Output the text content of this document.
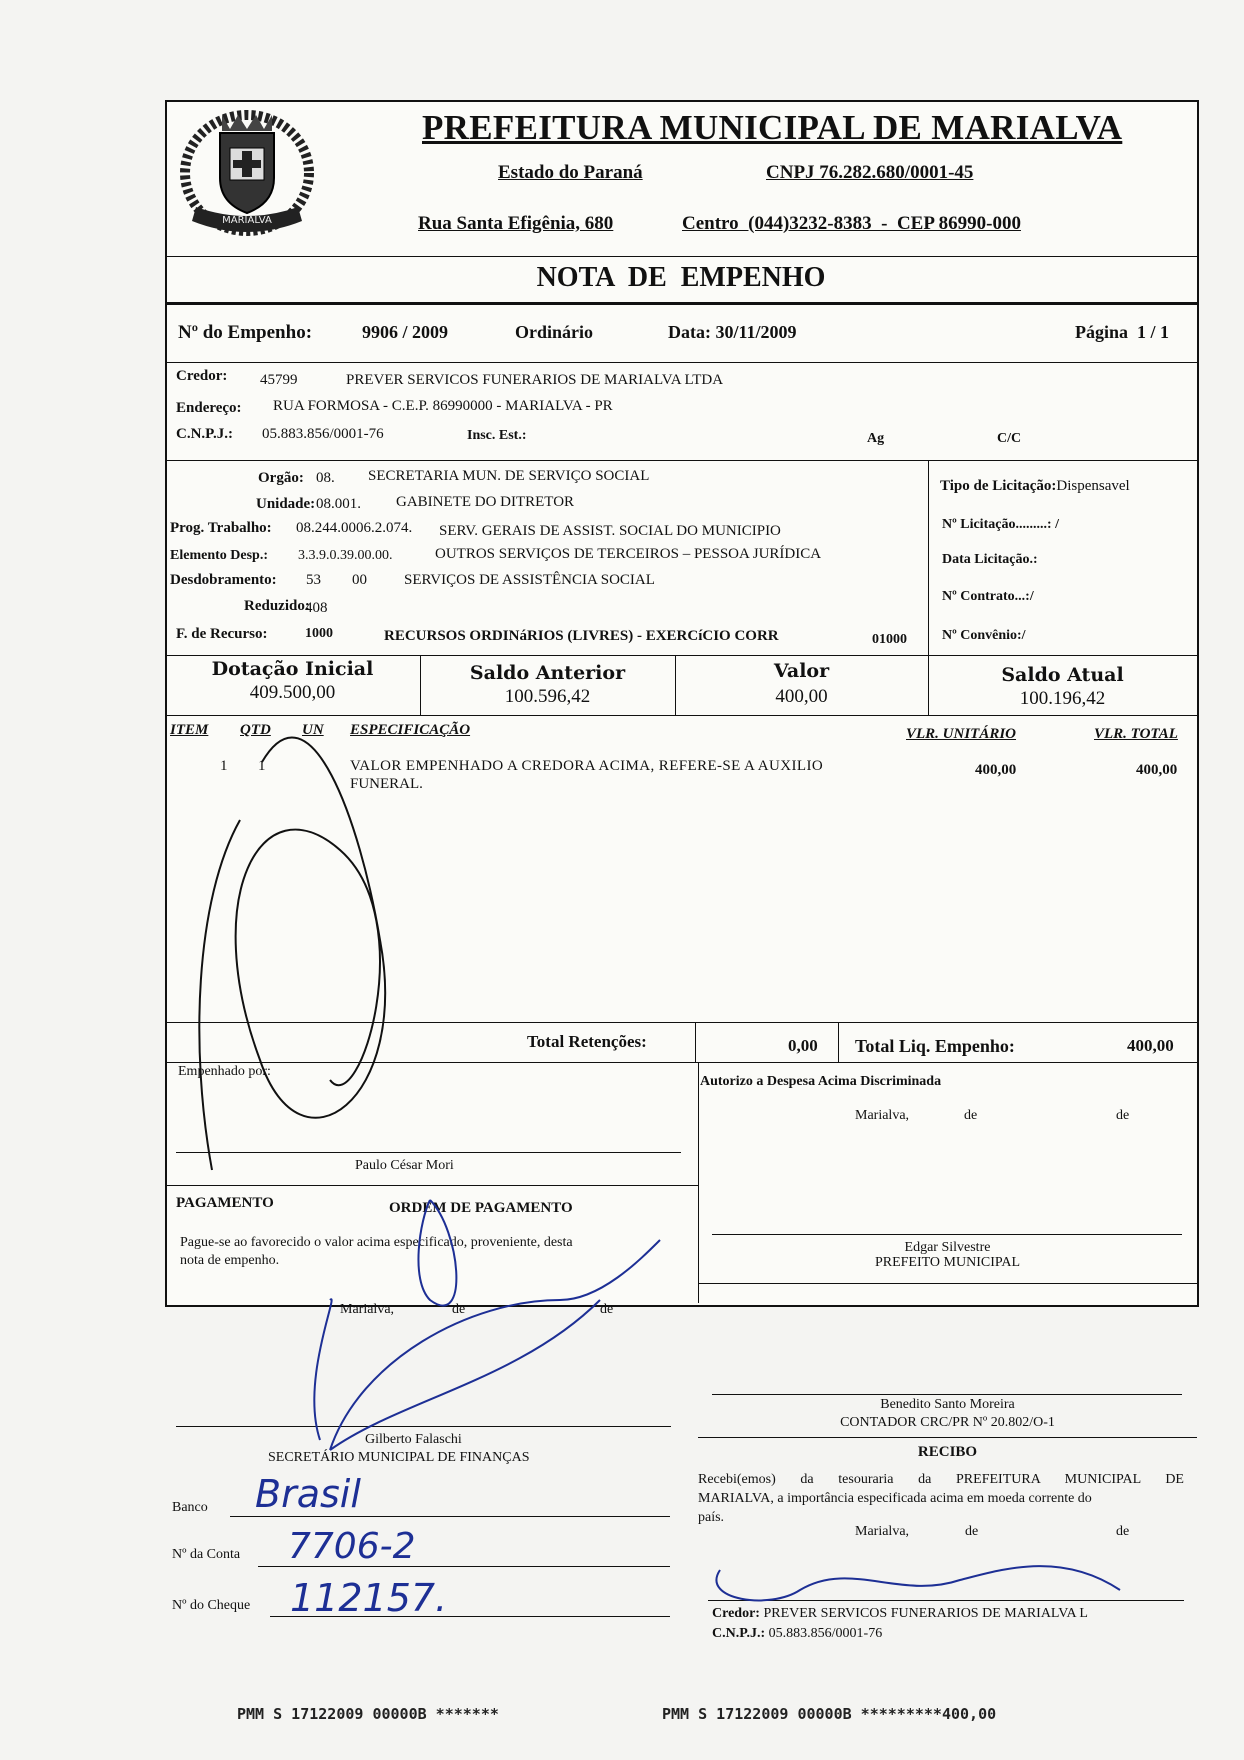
MARIALVA
PREFEITURA MUNICIPAL DE MARIALVA
Estado do Paraná	CNPJ 76.282.680/0001-45
Rua Santa Efigênia, 680	Centro  (044)3232-8383  -  CEP 86990-000
NOTA  DE  EMPENHO
Nº do Empenho:	9906 / 2009	Ordinário	Data: 30/11/2009	Página  1 / 1
Credor: 45799	PREVER SERVICOS FUNERARIOS DE MARIALVA LTDA
Endereço: RUA FORMOSA - C.E.P. 86990000 - MARIALVA - PR
C.N.P.J.: 05.883.856/0001-76	Insc. Est.:	Ag	C/C
Orgão: 08. SECRETARIA MUN. DE SERVIÇO SOCIAL
Unidade: 08.001. GABINETE DO DITRETOR
Prog. Trabalho: 08.244.0006.2.074. SERV. GERAIS DE ASSIST. SOCIAL DO MUNICIPIO
Elemento Desp.: 3.3.9.0.39.00.00.	OUTROS SERVIÇOS DE TERCEIROS – PESSOA JURÍDICA
Desdobramento: 53 00 SERVIÇOS DE ASSISTÊNCIA SOCIAL
Reduzido:
408
F. de Recurso:	1000	RECURSOS ORDINáRIOS (LIVRES) - EXERCíCIO CORR	01000
Tipo de Licitação:Dispensavel
Nº Licitação.........: /
Data Licitação.:
Nº Contrato...:/
Nº Convênio:/
Dotação Inicial
409.500,00
Saldo Anterior
100.596,42
Valor
400,00
Saldo Atual
100.196,42
ITEM QTD UN ESPECIFICAÇÃO	VLR. UNITÁRIO	VLR. TOTAL
1 1	VALOR EMPENHADO A CREDORA ACIMA, REFERE-SE A AUXILIO
FUNERAL.
400,00	400,00
Total Retenções:	0,00 Total Liq. Empenho:	400,00
Empenhado por:
Paulo César Mori
Autorizo a Despesa Acima Discriminada
Marialva,	de	de
Edgar Silvestre
PREFEITO MUNICIPAL
PAGAMENTO	ORDEM DE PAGAMENTO
Pague-se ao favorecido o valor acima especificado, proveniente, desta
nota de empenho.
Marialva,	de	de
Gilberto Falaschi
SECRETÁRIO MUNICIPAL DE FINANÇAS
Benedito Santo Moreira
CONTADOR CRC/PR Nº 20.802/O-1
RECIBO
Recebi(emos) da tesouraria da PREFEITURA MUNICIPAL DE
MARIALVA, a importância especificada acima em moeda corrente do
país.
Marialva,	de	de
Credor: PREVER SERVICOS FUNERARIOS DE MARIALVA L
C.N.P.J.: 05.883.856/0001-76
Banco Brasil
Nº da Conta 7706-2
Nº do Cheque 112157.
PMM S 17122009 00000B *******	PMM S 17122009 00000B *********400,00
